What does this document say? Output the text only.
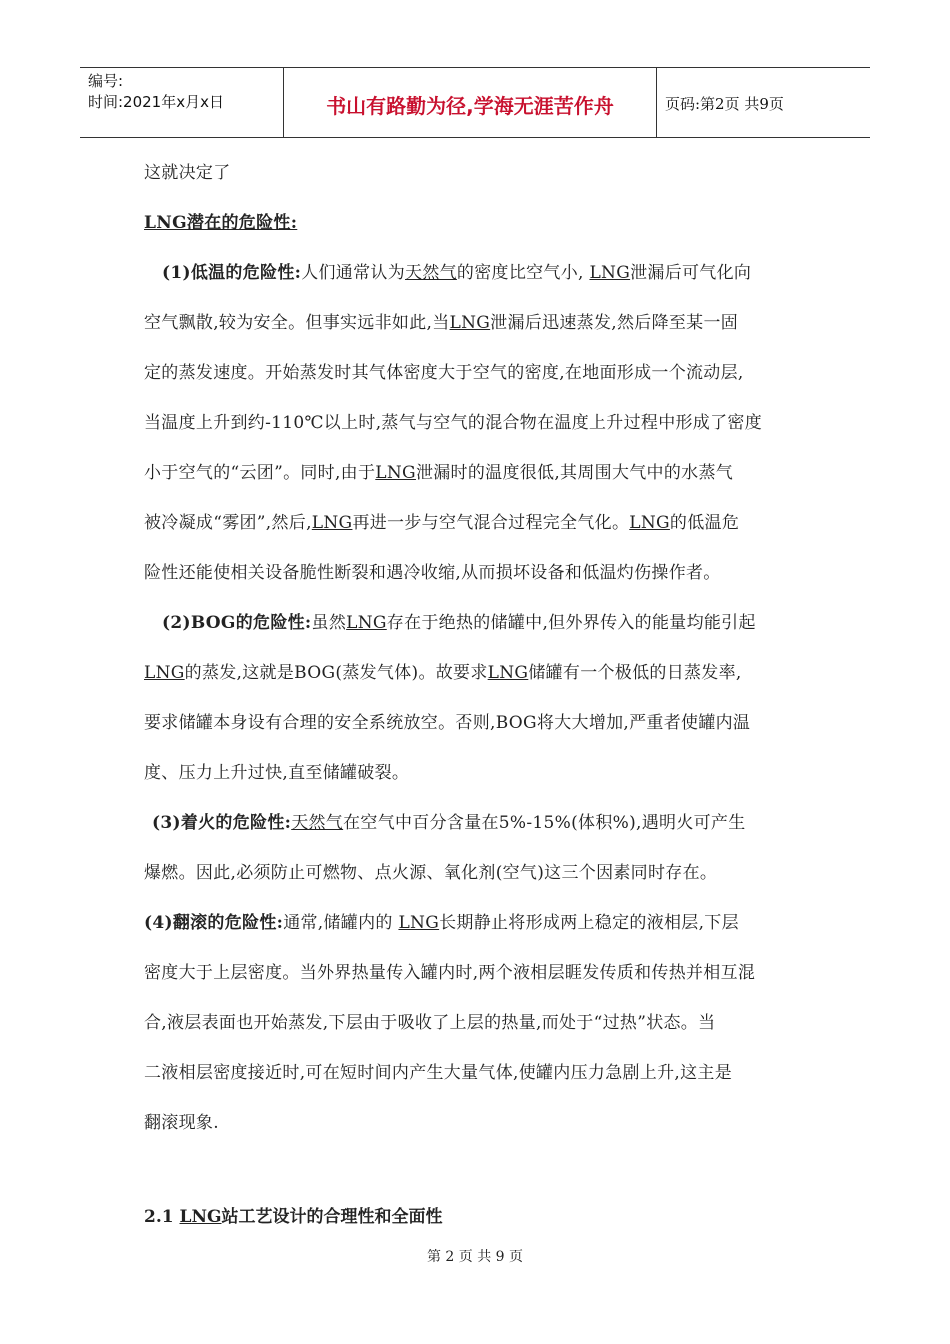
编号:
时间:2021年x月x日	书山有路勤为径,学海无涯苦作舟	页码:第2页 共9页

这就决定了

LNG潜在的危险性:

(1)低温的危险性:人们通常认为天然气的密度比空气小, LNG泄漏后可气化向

空气飘散,较为安全。但事实远非如此,当LNG泄漏后迅速蒸发,然后降至某一固

定的蒸发速度。开始蒸发时其气体密度大于空气的密度,在地面形成一个流动层,

当温度上升到约-110℃以上时,蒸气与空气的混合物在温度上升过程中形成了密度

小于空气的“云团”。同时,由于LNG泄漏时的温度很低,其周围大气中的水蒸气

被冷凝成“雾团”,然后,LNG再进一步与空气混合过程完全气化。LNG的低温危

险性还能使相关设备脆性断裂和遇冷收缩,从而损坏设备和低温灼伤操作者。

(2)BOG的危险性:虽然LNG存在于绝热的储罐中,但外界传入的能量均能引起

LNG的蒸发,这就是BOG(蒸发气体)。故要求LNG储罐有一个极低的日蒸发率,

要求储罐本身设有合理的安全系统放空。否则,BOG将大大增加,严重者使罐内温

度、压力上升过快,直至储罐破裂。

(3)着火的危险性:天然气在空气中百分含量在5%-15%(体积%),遇明火可产生

爆燃。因此,必须防止可燃物、点火源、氧化剂(空气)这三个因素同时存在。

(4)翻滚的危险性:通常,储罐内的 LNG长期静止将形成两上稳定的液相层,下层

密度大于上层密度。当外界热量传入罐内时,两个液相层睚发传质和传热并相互混

合,液层表面也开始蒸发,下层由于吸收了上层的热量,而处于“过热”状态。当

二液相层密度接近时,可在短时间内产生大量气体,使罐内压力急剧上升,这主是

翻滚现象.

2.1 LNG站工艺设计的合理性和全面性
第 2 页 共 9 页
